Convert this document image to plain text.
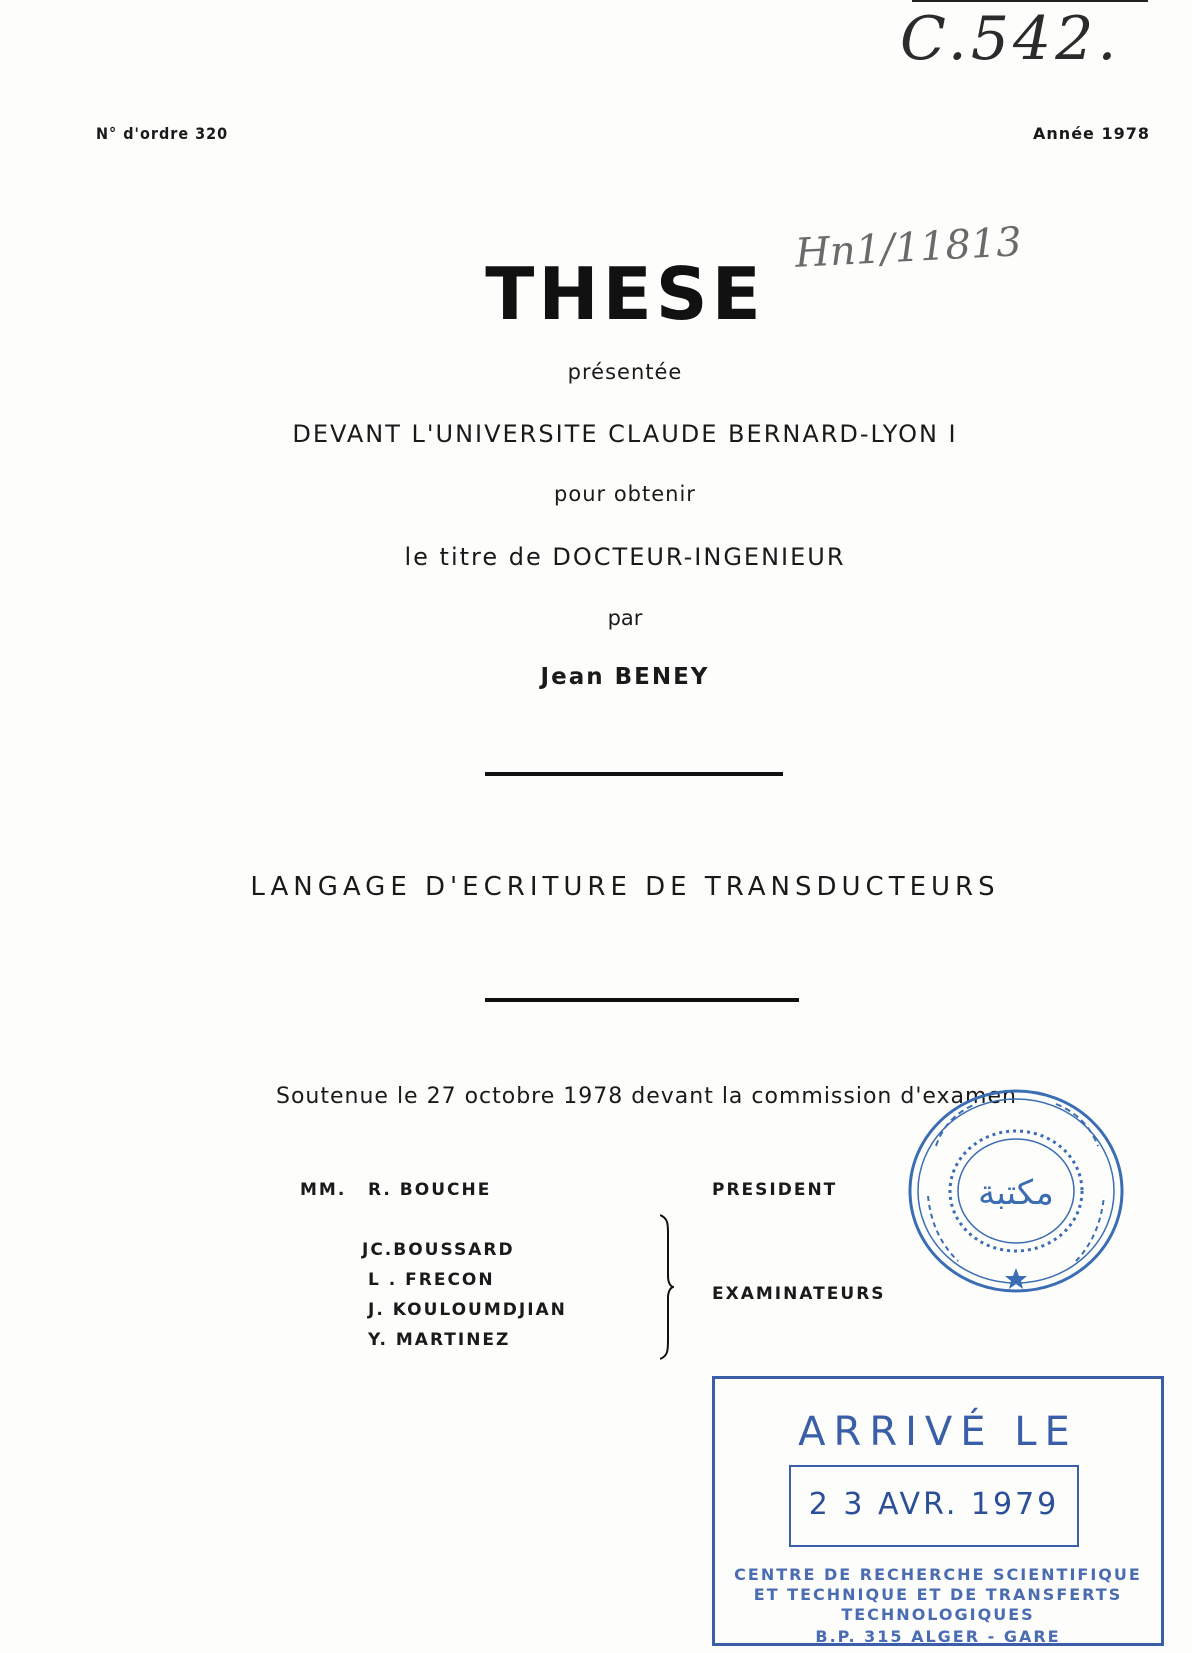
C.542.
N° d'ordre 320	Année 1978
THESE
Hn1/11813
présentée
DEVANT L'UNIVERSITE CLAUDE BERNARD-LYON I
pour obtenir
le titre de DOCTEUR-INGENIEUR
par
Jean BENEY
LANGAGE D'ECRITURE DE TRANSDUCTEURS
Soutenue le 27 octobre 1978 devant la commission d'examen
MM. R. BOUCHE	PRESIDENT
JC.BOUSSARD
L . FRECON
J. KOULOUMDJIAN
Y. MARTINEZ
EXAMINATEURS
مكتبة
ARRIVÉ LE
2 3 AVR. 1979
CENTRE DE RECHERCHE SCIENTIFIQUE
ET TECHNIQUE ET DE TRANSFERTS
TECHNOLOGIQUES
B.P. 315 ALGER - GARE
